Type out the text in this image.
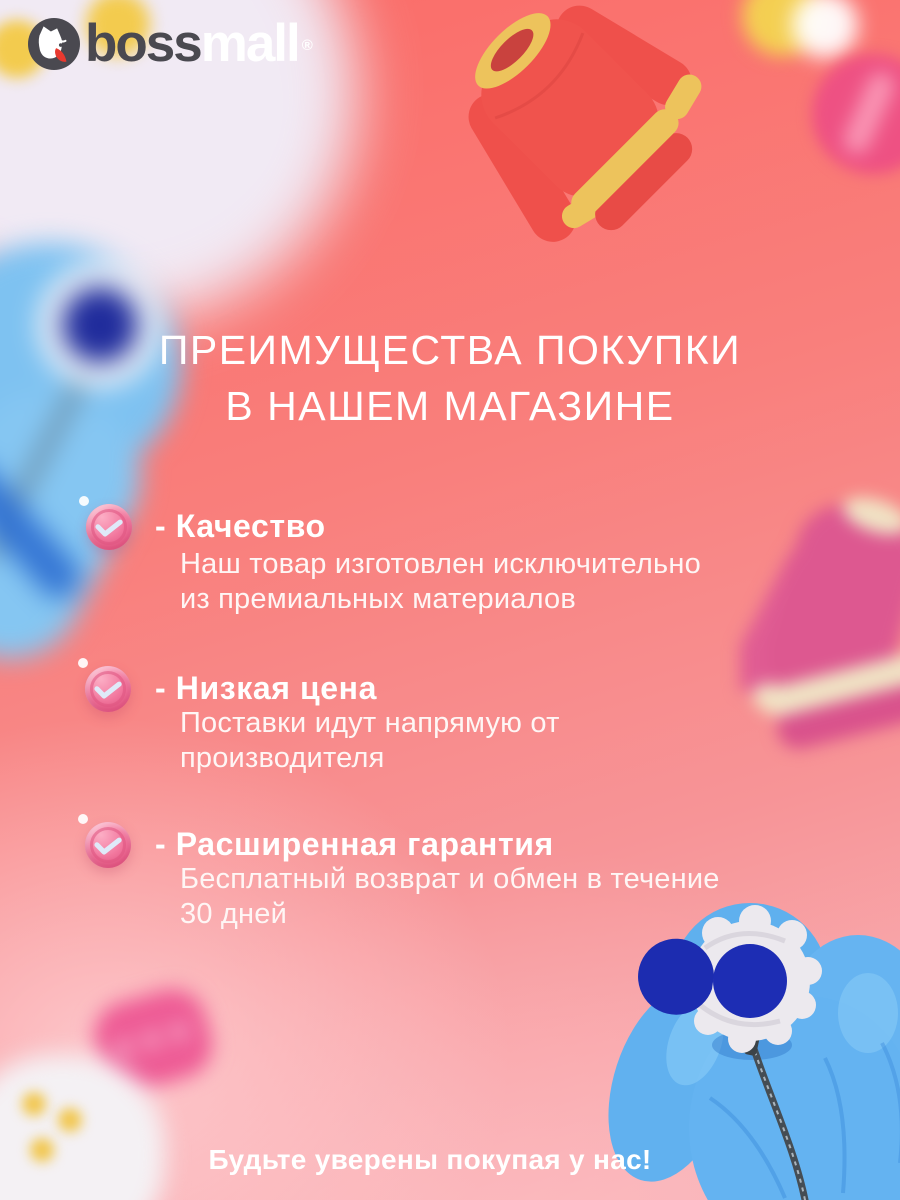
bossmall ®
ПРЕИМУЩЕСТВА ПОКУПКИ
В НАШЕМ МАГАЗИНЕ
- Качество
Наш товар изготовлен исключительно
из премиальных материалов
- Низкая цена
Поставки идут напрямую от
производителя
- Расширенная гарантия
Бесплатный возврат и обмен в течение
30 дней
Будьте уверены покупая у нас!
